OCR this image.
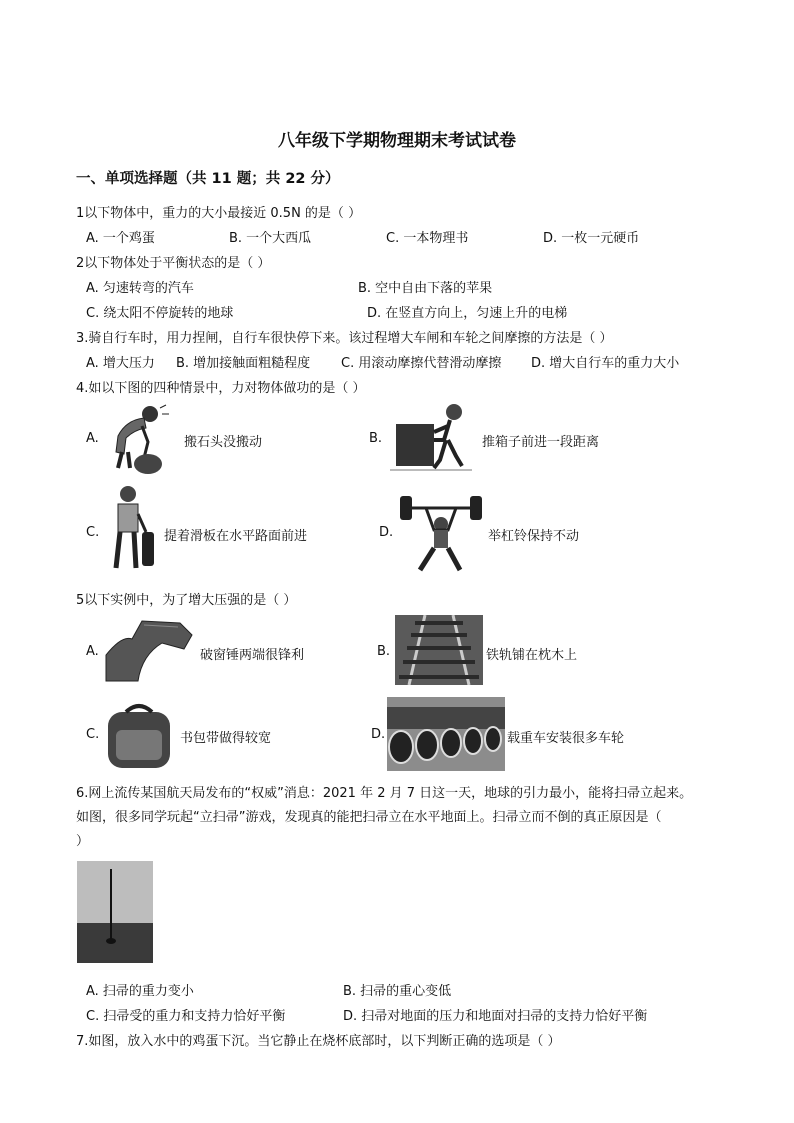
八年级下学期物理期末考试试卷
一、单项选择题（共 11 题；共 22 分）
1以下物体中，重力的大小最接近 0.5N 的是（ ）
A. 一个鸡蛋	B. 一个大西瓜	C. 一本物理书	D. 一枚一元硬币
2以下物体处于平衡状态的是（ ）
A. 匀速转弯的汽车	B. 空中自由下落的苹果
C. 绕太阳不停旋转的地球	D. 在竖直方向上，匀速上升的电梯
3.骑自行车时，用力捏闸，自行车很快停下来。该过程增大车闸和车轮之间摩擦的方法是（ ）
A. 增大压力 B. 增加接触面粗糙程度 C. 用滚动摩擦代替滑动摩擦 D. 增大自行车的重力大小
4.如以下图的四种情景中，力对物体做功的是（ ）
A.	搬石头没搬动	B.	推箱子前进一段距离
C.	提着滑板在水平路面前进	D.	举杠铃保持不动
5以下实例中，为了增大压强的是（ ）
A.	破窗锤两端很锋利	B.	铁轨铺在枕木上
C.	书包带做得较宽	D.	载重车安装很多车轮
6.网上流传某国航天局发布的“权威”消息：2021 年 2 月 7 日这一天，地球的引力最小，能将扫帚立起来。
如图，很多同学玩起“立扫帚”游戏，发现真的能把扫帚立在水平地面上。扫帚立而不倒的真正原因是（
）
A. 扫帚的重力变小	B. 扫帚的重心变低
C. 扫帚受的重力和支持力恰好平衡	D. 扫帚对地面的压力和地面对扫帚的支持力恰好平衡
7.如图，放入水中的鸡蛋下沉。当它静止在烧杯底部时，以下判断正确的选项是（ ）
